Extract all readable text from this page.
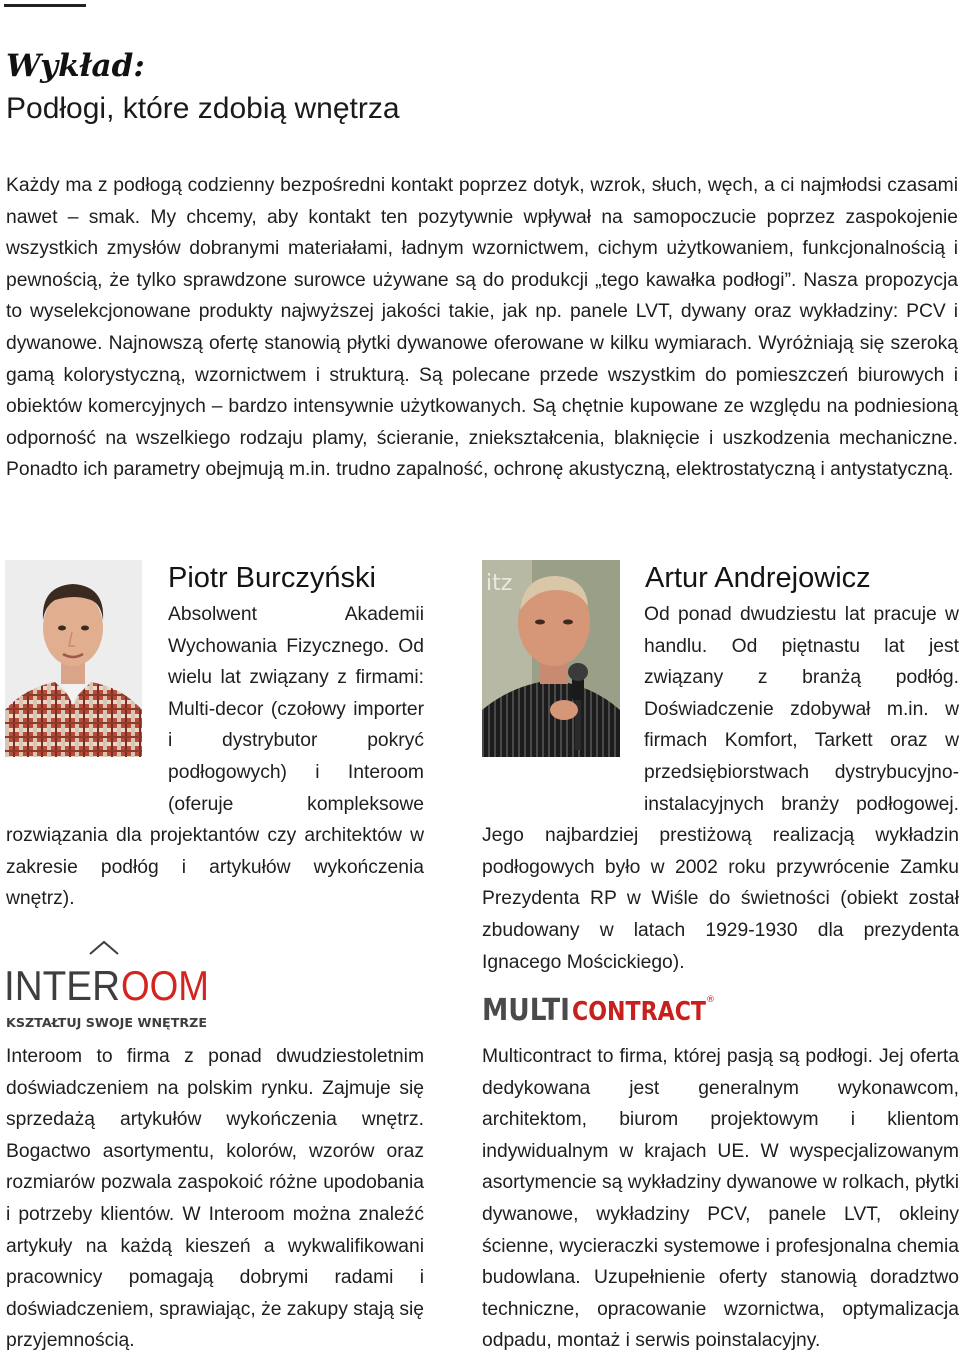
Wykład:
Podłogi, które zdobią wnętrza

Każdy ma z podłogą codzienny bezpośredni kontakt poprzez dotyk, wzrok, słuch, węch, a ci najmłodsi czasami nawet – smak. My chcemy, aby kontakt ten pozytywnie wpływał na samopoczucie poprzez zaspokojenie wszystkich zmysłów dobranymi materiałami, ładnym wzornictwem, cichym użytkowaniem, funkcjonalnością i pewnością, że tylko sprawdzone surowce używane są do produkcji „tego kawałka podłogi”. Nasza propozycja to wyselekcjonowane produkty najwyższej jakości takie, jak np. panele LVT, dywany oraz wykładziny: PCV i dywanowe. Najnowszą ofertę stanowią płytki dywanowe oferowane w kilku wymiarach. Wyróżniają się szeroką gamą kolorystyczną, wzornictwem i strukturą. Są polecane przede wszystkim do pomieszczeń biurowych i obiektów komercyjnych – bardzo intensywnie użytkowanych. Są chętnie kupowane ze względu na podniesioną odporność na wszelkiego rodzaju plamy, ścieranie, zniekształcenia, blaknięcie i uszkodzenia mechaniczne. Ponadto ich parametry obejmują m.in. trudno zapalność, ochronę akustyczną, elektrostatyczną i antystatyczną.

itz
Piotr Burczyński	Artur Andrejowicz

Absolwent Akademii Wychowania Fizycznego. Od wielu lat związany z firmami: Multi-decor (czołowy importer i dystrybutor pokryć podłogowych) i Interoom (oferuje kompleksowe rozwiązania dla projektantów czy architektów w zakresie podłóg i artykułów wykończenia wnętrz).

Od ponad dwudziestu lat pracuje w handlu. Od piętnastu lat jest związany z branżą podłóg. Doświadczenie zdobywał m.in. w firmach Komfort, Tarkett oraz w przedsiębiorstwach dystrybucyjno-instalacyjnych branży podłogowej. Jego najbardziej prestiżową realizacją wykładzin podłogowych było w 2002 roku przywrócenie Zamku Prezydenta RP w Wiśle do świetności (obiekt został zbudowany w latach 1929-1930 dla prezydenta Ignacego Mościckiego).

INTER OOM
KSZTAŁTUJ SWOJE WNĘTRZE	MULTI CONTRACT ®

Interoom to firma z ponad dwudziestoletnim doświadczeniem na polskim rynku. Zajmuje się sprzedażą artykułów wykończenia wnętrz. Bogactwo asortymentu, kolorów, wzorów oraz rozmiarów pozwala zaspokoić różne upodobania i potrzeby klientów. W Interoom można znaleźć artykuły na każdą kieszeń a wykwalifikowani pracownicy pomagają dobrymi radami i doświadczeniem, sprawiając, że zakupy stają się przyjemnością.

Multicontract to firma, której pasją są podłogi. Jej oferta dedykowana jest generalnym wykonawcom, architektom, biurom projektowym i klientom indywidualnym w krajach UE. W wyspecjalizowanym asortymencie są wykładziny dywanowe w rolkach, płytki dywanowe, wykładziny PCV, panele LVT, okleiny ścienne, wycieraczki systemowe i profesjonalna chemia budowlana. Uzupełnienie oferty stanowią doradztwo techniczne, opracowanie wzornictwa, optymalizacja odpadu, montaż i serwis poinstalacyjny.
